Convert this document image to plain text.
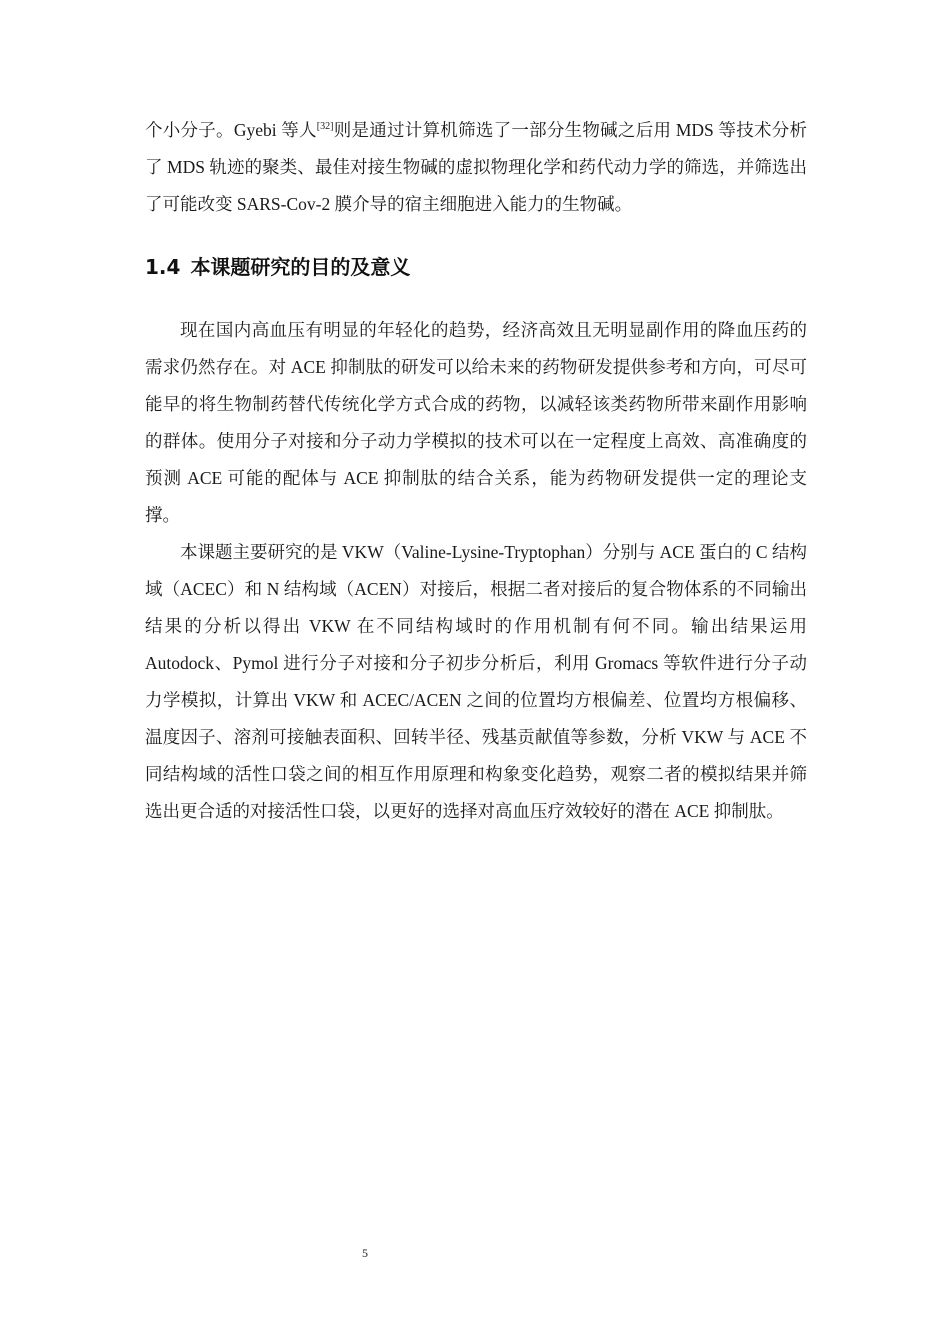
个小分子。Gyebi 等人[32]则是通过计算机筛选了一部分生物碱之后用 MDS 等技术分析了 MDS 轨迹的聚类、最佳对接生物碱的虚拟物理化学和药代动力学的筛选，并筛选出了可能改变 SARS-Cov-2 膜介导的宿主细胞进入能力的生物碱。

1.4 本课题研究的目的及意义

现在国内高血压有明显的年轻化的趋势，经济高效且无明显副作用的降血压药的需求仍然存在。对 ACE 抑制肽的研发可以给未来的药物研发提供参考和方向，可尽可能早的将生物制药替代传统化学方式合成的药物，以减轻该类药物所带来副作用影响的群体。使用分子对接和分子动力学模拟的技术可以在一定程度上高效、高准确度的预测 ACE 可能的配体与 ACE 抑制肽的结合关系，能为药物研发提供一定的理论支撑。

本课题主要研究的是 VKW（Valine-Lysine-Tryptophan）分别与 ACE 蛋白的 C 结构域（ACEC）和 N 结构域（ACEN）对接后，根据二者对接后的复合物体系的不同输出结果的分析以得出 VKW 在不同结构域时的作用机制有何不同。输出结果运用 Autodock、Pymol 进行分子对接和分子初步分析后，利用 Gromacs 等软件进行分子动力学模拟，计算出 VKW 和 ACEC/ACEN 之间的位置均方根偏差、位置均方根偏移、温度因子、溶剂可接触表面积、回转半径、残基贡献值等参数，分析 VKW 与 ACE 不同结构域的活性口袋之间的相互作用原理和构象变化趋势，观察二者的模拟结果并筛选出更合适的对接活性口袋，以更好的选择对高血压疗效较好的潜在 ACE 抑制肽。

5
